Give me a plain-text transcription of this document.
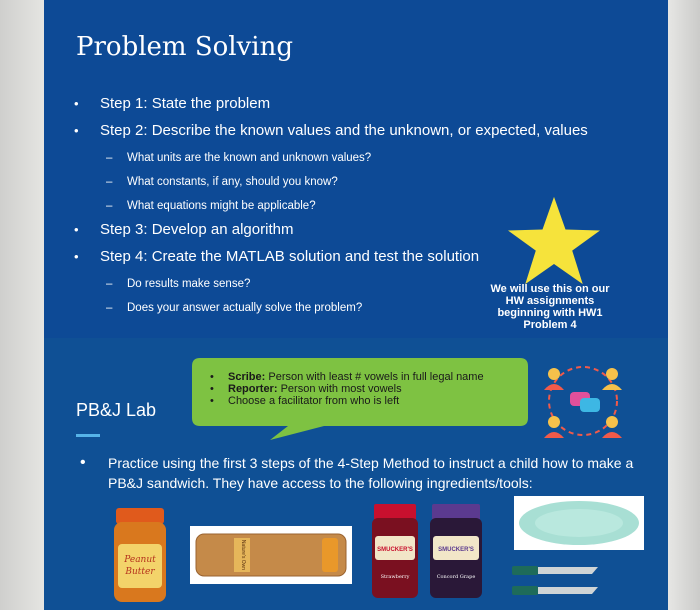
Problem Solving
• Step 1: State the problem
• Step 2: Describe the known values and the unknown, or expected, values
– What units are the known and unknown values?
– What constants, if any, should you know?
– What equations might be applicable?
• Step 3: Develop an algorithm
• Step 4: Create the MATLAB solution and test the solution
– Do results make sense?
– Does your answer actually solve the problem?
We will use this on our
HW assignments
beginning with HW1
Problem 4
• Scribe: Person with least # vowels in full legal name
• Reporter: Person with most vowels
• Choose a facilitator from who is left
PB&J Lab
• Practice using the first 3 steps of the 4-Step Method to instruct a child how to make a PB&J sandwich. They have access to the following ingredients/tools:
Peanut
Butter
Nature's Own	SMUCKER'S
Strawberry
SMUCKER'S
Concord Grape
